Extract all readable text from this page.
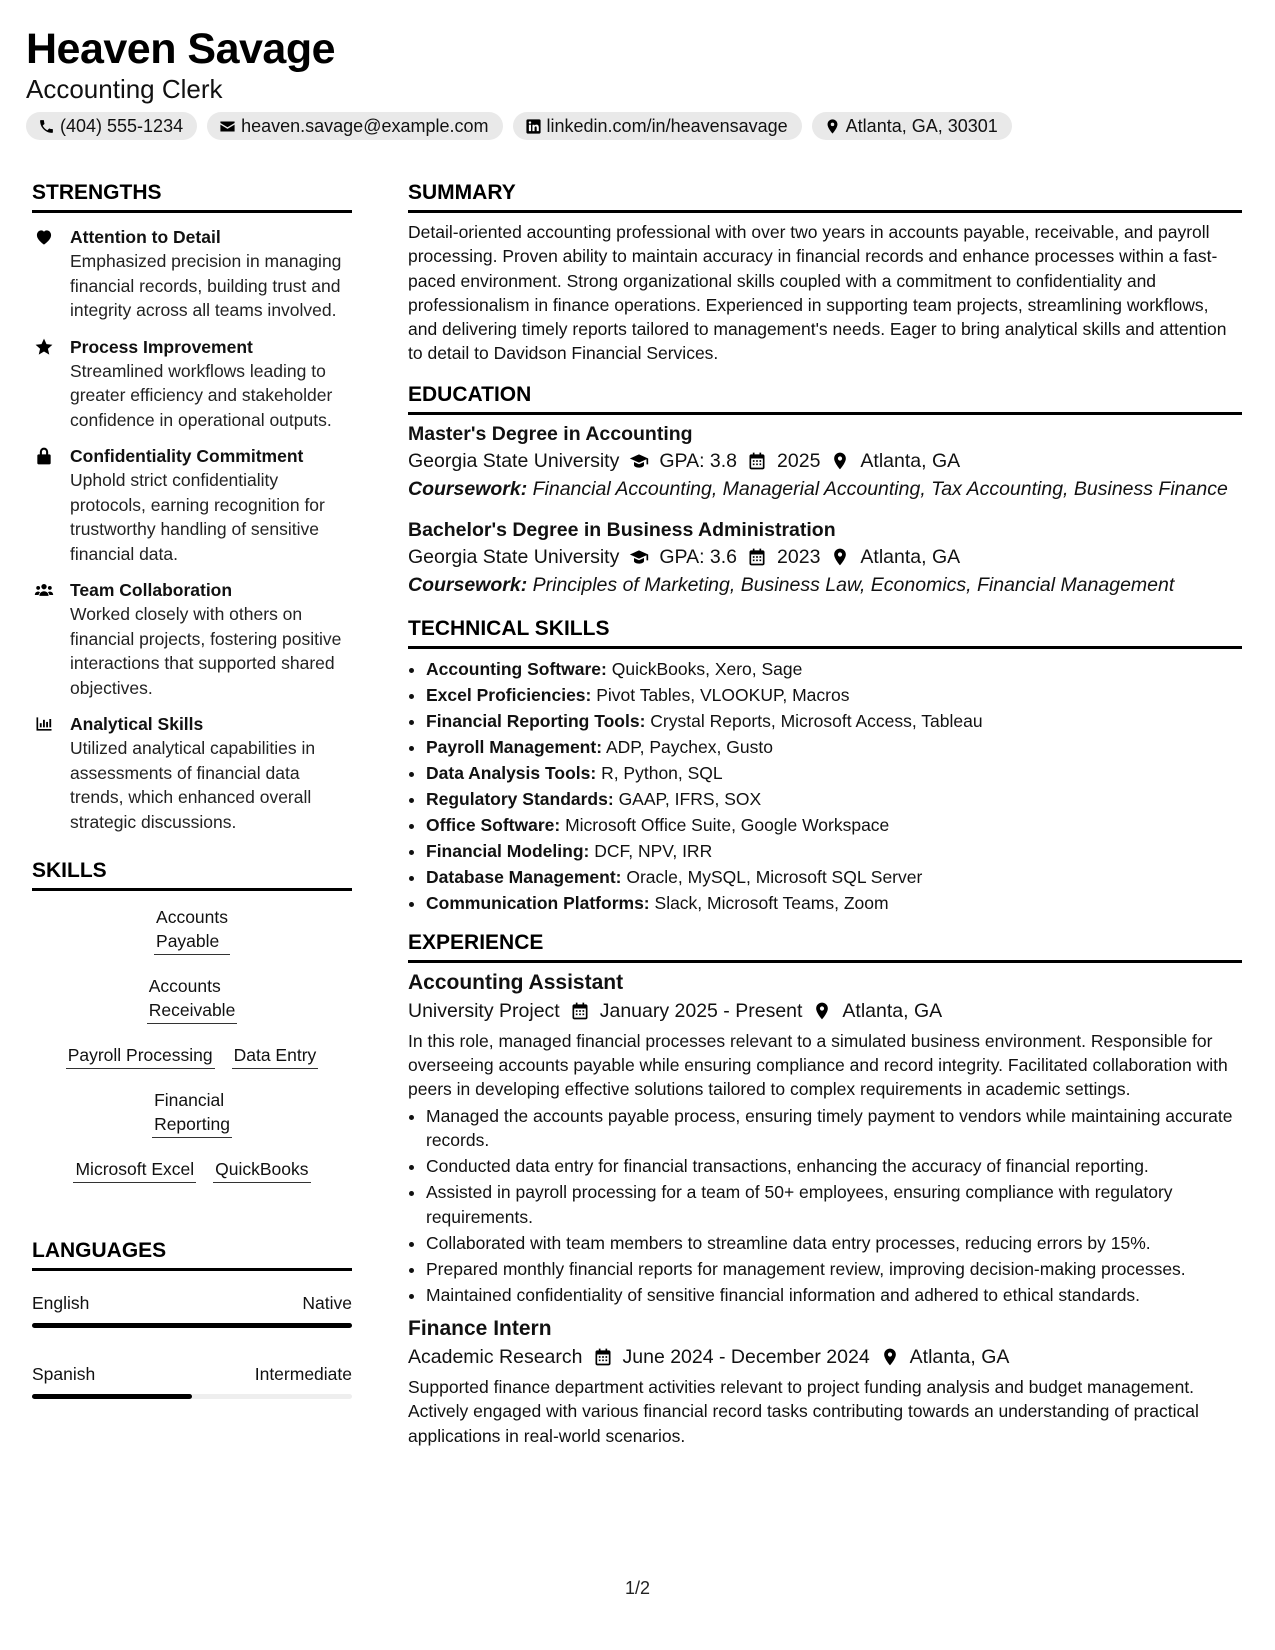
Heaven Savage
Accounting Clerk
(404) 555-1234	heaven.savage@example.com	linkedin.com/in/heavensavage	Atlanta, GA, 30301
STRENGTHS
Attention to Detail
Emphasized precision in managing financial records, building trust and integrity across all teams involved.
Process Improvement
Streamlined workflows leading to greater efficiency and stakeholder confidence in operational outputs.
Confidentiality Commitment
Uphold strict confidentiality protocols, earning recognition for trustworthy handling of sensitive financial data.
Team Collaboration
Worked closely with others on financial projects, fostering positive interactions that supported shared objectives.
Analytical Skills
Utilized analytical capabilities in assessments of financial data trends, which enhanced overall strategic discussions.
SKILLS
Accounts Payable
Accounts Receivable
Payroll Processing Data Entry
Financial Reporting
Microsoft Excel QuickBooks
LANGUAGES
English	Native
Spanish	Intermediate
SUMMARY
Detail-oriented accounting professional with over two years in accounts payable, receivable, and payroll processing. Proven ability to maintain accuracy in financial records and enhance processes within a fast-paced environment. Strong organizational skills coupled with a commitment to confidentiality and professionalism in finance operations. Experienced in supporting team projects, streamlining workflows, and delivering timely reports tailored to management's needs. Eager to bring analytical skills and attention to detail to Davidson Financial Services.
EDUCATION
Master's Degree in Accounting
Georgia State University GPA: 3.8 2025 Atlanta, GA
Coursework: Financial Accounting, Managerial Accounting, Tax Accounting, Business Finance
Bachelor's Degree in Business Administration
Georgia State University GPA: 3.6 2023 Atlanta, GA
Coursework: Principles of Marketing, Business Law, Economics, Financial Management
TECHNICAL SKILLS
• Accounting Software: QuickBooks, Xero, Sage
• Excel Proficiencies: Pivot Tables, VLOOKUP, Macros
• Financial Reporting Tools: Crystal Reports, Microsoft Access, Tableau
• Payroll Management: ADP, Paychex, Gusto
• Data Analysis Tools: R, Python, SQL
• Regulatory Standards: GAAP, IFRS, SOX
• Office Software: Microsoft Office Suite, Google Workspace
• Financial Modeling: DCF, NPV, IRR
• Database Management: Oracle, MySQL, Microsoft SQL Server
• Communication Platforms: Slack, Microsoft Teams, Zoom
EXPERIENCE
Accounting Assistant
University Project January 2025 - Present Atlanta, GA
In this role, managed financial processes relevant to a simulated business environment. Responsible for overseeing accounts payable while ensuring compliance and record integrity. Facilitated collaboration with peers in developing effective solutions tailored to complex requirements in academic settings.
• Managed the accounts payable process, ensuring timely payment to vendors while maintaining accurate records.
• Conducted data entry for financial transactions, enhancing the accuracy of financial reporting.
• Assisted in payroll processing for a team of 50+ employees, ensuring compliance with regulatory requirements.
• Collaborated with team members to streamline data entry processes, reducing errors by 15%.
• Prepared monthly financial reports for management review, improving decision-making processes.
• Maintained confidentiality of sensitive financial information and adhered to ethical standards.
Finance Intern
Academic Research June 2024 - December 2024 Atlanta, GA
Supported finance department activities relevant to project funding analysis and budget management. Actively engaged with various financial record tasks contributing towards an understanding of practical applications in real-world scenarios.
1/2
